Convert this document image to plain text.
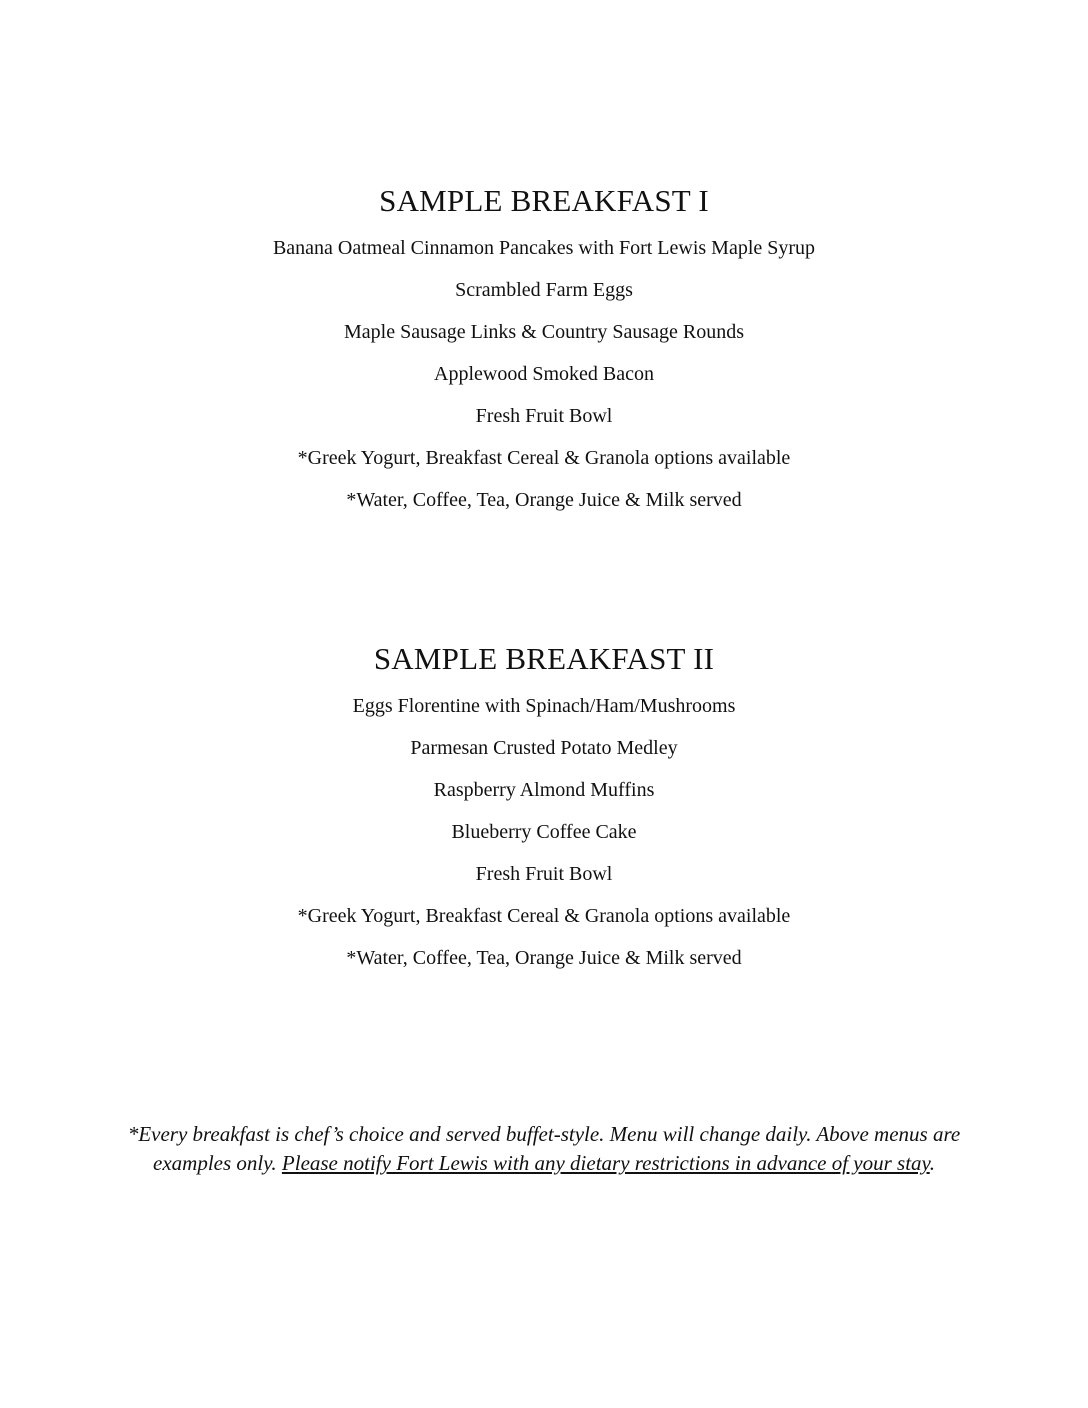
SAMPLE BREAKFAST I
Banana Oatmeal Cinnamon Pancakes with Fort Lewis Maple Syrup
Scrambled Farm Eggs
Maple Sausage Links & Country Sausage Rounds
Applewood Smoked Bacon
Fresh Fruit Bowl
*Greek Yogurt, Breakfast Cereal & Granola options available
*Water, Coffee, Tea, Orange Juice & Milk served
SAMPLE BREAKFAST II
Eggs Florentine with Spinach/Ham/Mushrooms
Parmesan Crusted Potato Medley
Raspberry Almond Muffins
Blueberry Coffee Cake
Fresh Fruit Bowl
*Greek Yogurt, Breakfast Cereal & Granola options available
*Water, Coffee, Tea, Orange Juice & Milk served

*Every breakfast is chef’s choice and served buffet-style. Menu will change daily. Above menus are examples only. Please notify Fort Lewis with any dietary restrictions in advance of your stay.
